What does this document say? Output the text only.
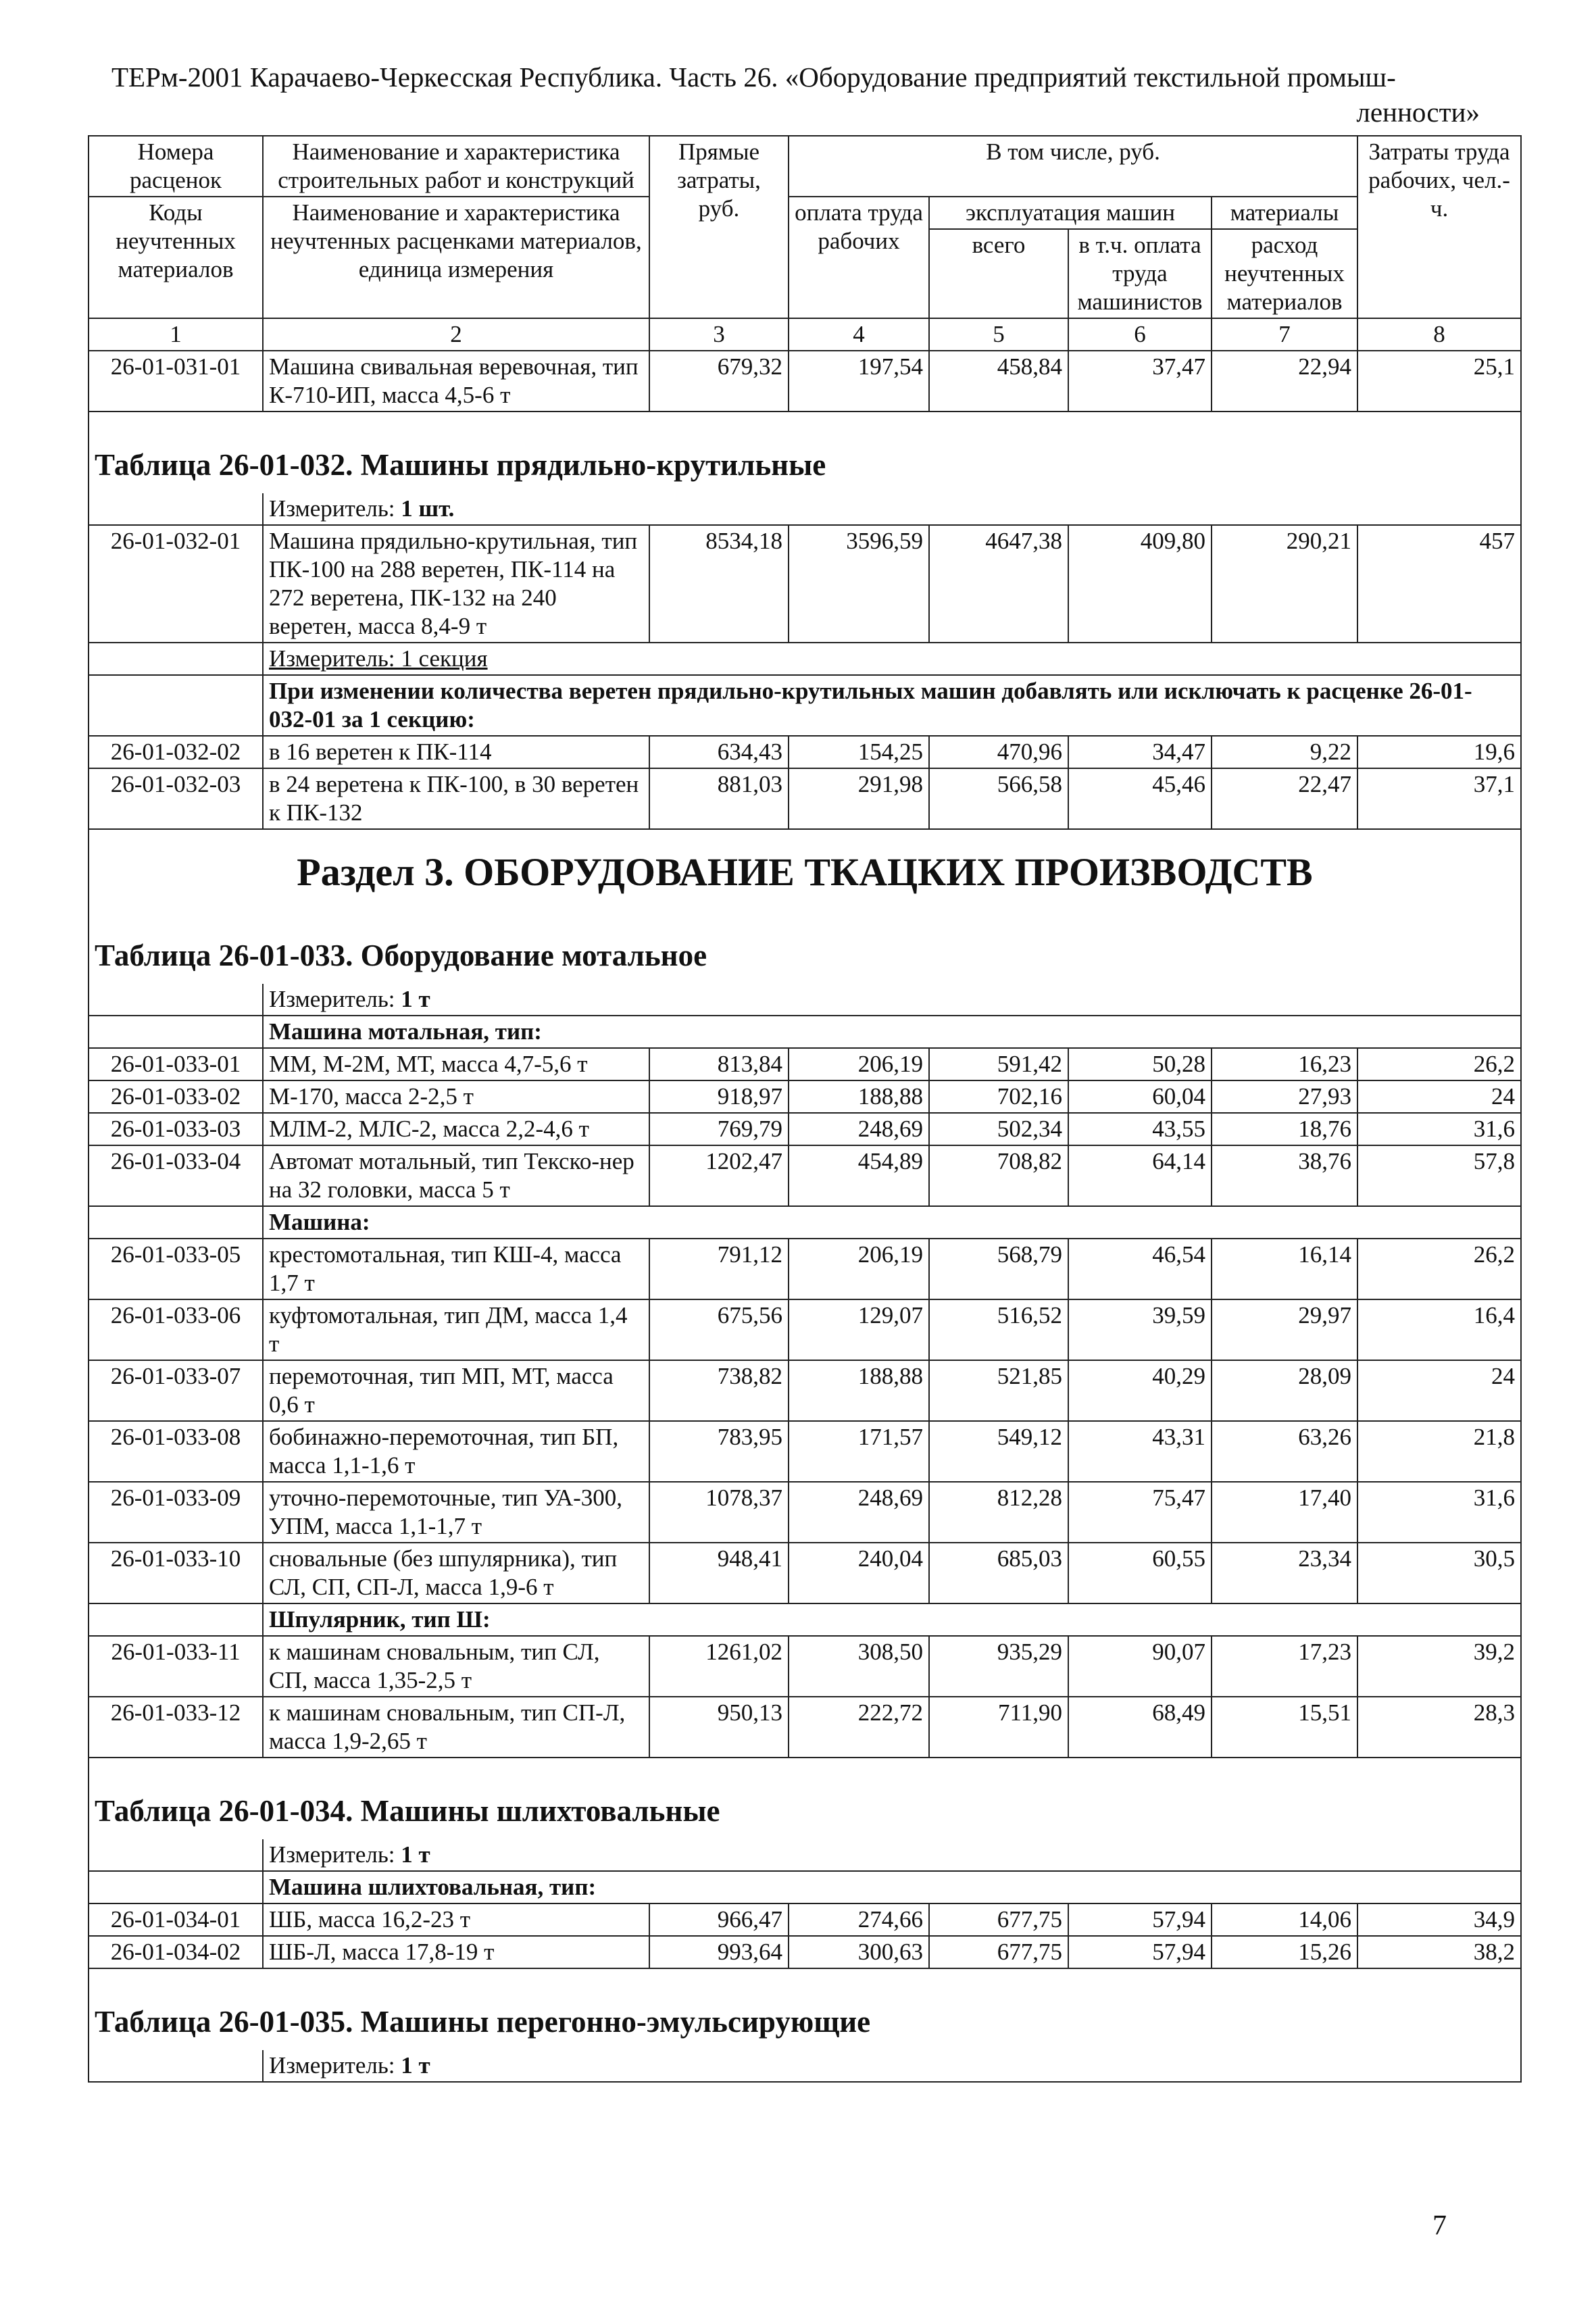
ТЕРм-2001 Карачаево-Черкесская Республика. Часть 26. «Оборудование предприятий текстильной промыш-
ленности»
Номера расценок	Наименование и характеристика строительных работ и конструкций	Прямые затраты, руб.	В том числе, руб.				Затраты труда рабочих, чел.-ч.
Коды неучтенных материалов	Наименование и характеристика неучтенных расценками материалов, единица измерения		оплата труда рабочих	эксплуатация машин		материалы	
				всего	в т.ч. оплата труда машинистов	расход неучтенных материалов	
1	2	3	4	5	6	7	8
26-01-031-01	Машина свивальная веревочная, тип К-710-ИП, масса 4,5-6 т	679,32	197,54	458,84	37,47	22,94	25,1
Таблица 26-01-032. Машины прядильно-крутильные							
	Измеритель: 1 шт.						
26-01-032-01	Машина прядильно-крутильная, тип ПК-100 на 288 веретен, ПК-114 на 272 веретена, ПК-132 на 240 веретен, масса 8,4-9 т	8534,18	3596,59	4647,38	409,80	290,21	457
	Измеритель: 1 секция						
	При изменении количества веретен прядильно-крутильных машин добавлять или исключать к расценке 26-01-032-01 за 1 секцию:						
26-01-032-02	в 16 веретен к ПК-114	634,43	154,25	470,96	34,47	9,22	19,6
26-01-032-03	в 24 веретена к ПК-100, в 30 веретен к ПК-132	881,03	291,98	566,58	45,46	22,47	37,1
Раздел 3. ОБОРУДОВАНИЕ ТКАЦКИХ ПРОИЗВОДСТВ							
Таблица 26-01-033. Оборудование мотальное							
	Измеритель: 1 т						
	Машина мотальная, тип:						
26-01-033-01	ММ, М-2М, МТ, масса 4,7-5,6 т	813,84	206,19	591,42	50,28	16,23	26,2
26-01-033-02	М-170, масса 2-2,5 т	918,97	188,88	702,16	60,04	27,93	24
26-01-033-03	МЛМ-2, МЛС-2, масса 2,2-4,6 т	769,79	248,69	502,34	43,55	18,76	31,6
26-01-033-04	Автомат мотальный, тип Текско-нер на 32 головки, масса 5 т	1202,47	454,89	708,82	64,14	38,76	57,8
	Машина:						
26-01-033-05	крестомотальная, тип КШ-4, масса 1,7 т	791,12	206,19	568,79	46,54	16,14	26,2
26-01-033-06	куфтомотальная, тип ДМ, масса 1,4 т	675,56	129,07	516,52	39,59	29,97	16,4
26-01-033-07	перемоточная, тип МП, МТ, масса 0,6 т	738,82	188,88	521,85	40,29	28,09	24
26-01-033-08	бобинажно-перемоточная, тип БП, масса 1,1-1,6 т	783,95	171,57	549,12	43,31	63,26	21,8
26-01-033-09	уточно-перемоточные, тип УА-300, УПМ, масса 1,1-1,7 т	1078,37	248,69	812,28	75,47	17,40	31,6
26-01-033-10	сновальные (без шпулярника), тип СЛ, СП, СП-Л, масса 1,9-6 т	948,41	240,04	685,03	60,55	23,34	30,5
	Шпулярник, тип Ш:						
26-01-033-11	к машинам сновальным, тип СЛ, СП, масса 1,35-2,5 т	1261,02	308,50	935,29	90,07	17,23	39,2
26-01-033-12	к машинам сновальным, тип СП-Л, масса 1,9-2,65 т	950,13	222,72	711,90	68,49	15,51	28,3
Таблица 26-01-034. Машины шлихтовальные							
	Измеритель: 1 т						
	Машина шлихтовальная, тип:						
26-01-034-01	ШБ, масса 16,2-23 т	966,47	274,66	677,75	57,94	14,06	34,9
26-01-034-02	ШБ-Л, масса 17,8-19 т	993,64	300,63	677,75	57,94	15,26	38,2
Таблица 26-01-035. Машины перегонно-эмульсирующие							
	Измеритель: 1 т						
7
